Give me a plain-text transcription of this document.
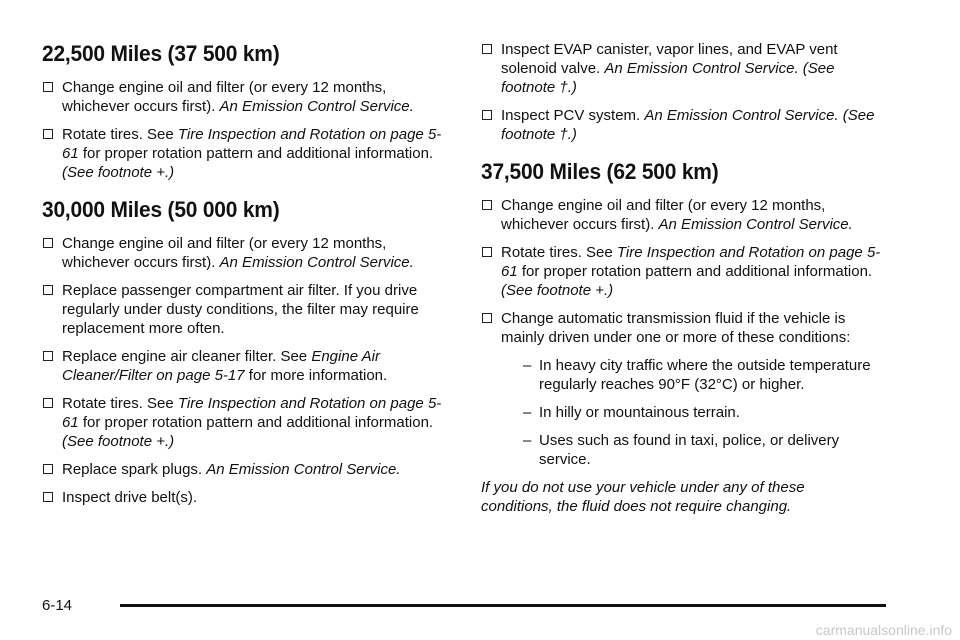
22,500 Miles (37 500 km)
Change engine oil and filter (or every 12 months, whichever occurs first). An Emission Control Service.
Rotate tires. See Tire Inspection and Rotation on page 5-61 for proper rotation pattern and additional information. (See footnote +.)
30,000 Miles (50 000 km)
Change engine oil and filter (or every 12 months, whichever occurs first). An Emission Control Service.
Replace passenger compartment air filter. If you drive regularly under dusty conditions, the filter may require replacement more often.
Replace engine air cleaner filter. See Engine Air Cleaner/Filter on page 5-17 for more information.
Rotate tires. See Tire Inspection and Rotation on page 5-61 for proper rotation pattern and additional information. (See footnote +.)
Replace spark plugs. An Emission Control Service.
Inspect drive belt(s).
Inspect EVAP canister, vapor lines, and EVAP vent solenoid valve. An Emission Control Service. (See footnote †.)
Inspect PCV system. An Emission Control Service. (See footnote †.)
37,500 Miles (62 500 km)
Change engine oil and filter (or every 12 months, whichever occurs first). An Emission Control Service.
Rotate tires. See Tire Inspection and Rotation on page 5-61 for proper rotation pattern and additional information. (See footnote +.)
Change automatic transmission fluid if the vehicle is mainly driven under one or more of these conditions:
– In heavy city traffic where the outside temperature regularly reaches 90°F (32°C) or higher.
– In hilly or mountainous terrain.
– Uses such as found in taxi, police, or delivery service.

If you do not use your vehicle under any of these conditions, the fluid does not require changing.

6-14
carmanualsonline.info
